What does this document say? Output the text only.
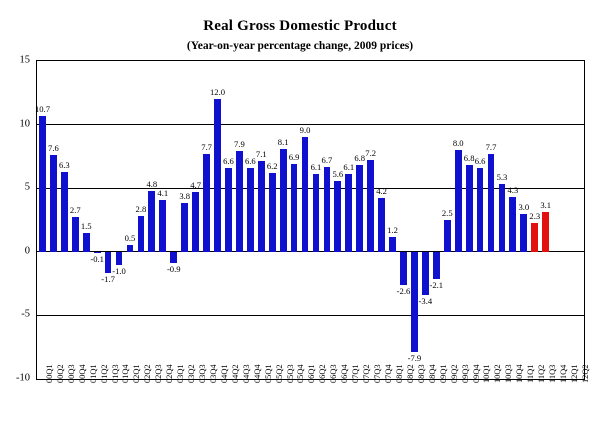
Real Gross Domestic Product
(Year-on-year percentage change, 2009 prices)
-10
-5
0
5
10
15
10.7
7.6
6.3
2.7
1.5
-0.1
-1.7
-1.0
0.5
2.8
4.8
4.1
-0.9
3.8
4.7
7.7
12.0
6.6
7.9
6.6
7.1
6.2
8.1
6.9
9.0
6.1
6.7
5.6
6.1
6.8
7.2
4.2
1.2
-2.6
-7.9
-3.4
-2.1
2.5
8.0
6.8 6.6
7.7
5.3
4.3
3.0
2.3
3.1
00Q1 00Q2 00Q3 00Q4 01Q1 01Q2 01Q3 01Q4 02Q1 02Q2 02Q3 02Q4 03Q1 03Q2 03Q3 03Q4 04Q1 04Q2 04Q3 04Q4 05Q1 05Q2 05Q3 05Q4 06Q1 06Q2 06Q3 06Q4 07Q1 07Q2 07Q3 07Q4 08Q1 08Q2 08Q3 08Q4 09Q1 09Q2 09Q3 09Q4 10Q1 10Q2 10Q3 10Q4 11Q1 11Q2 11Q3 11Q4 12Q1 12Q2
